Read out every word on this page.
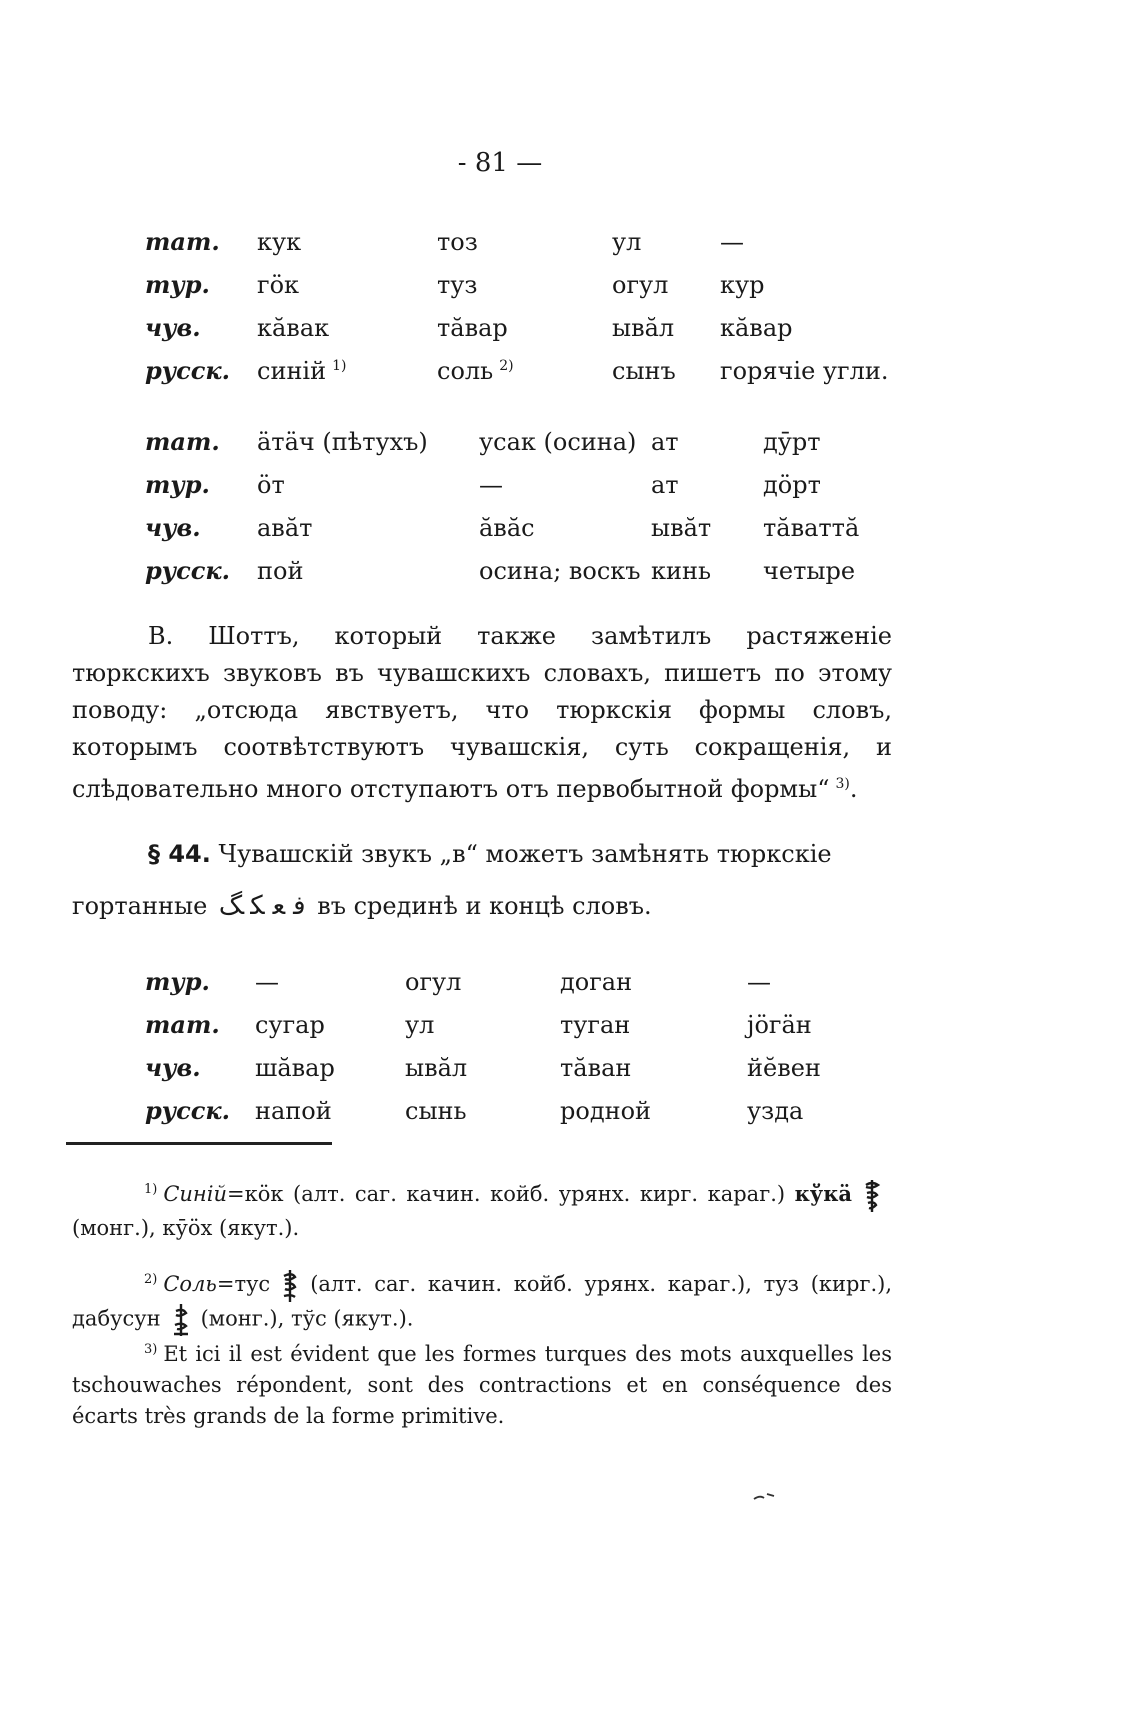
- 81 —
тат.	кук	тоз	ул	—
тур.	гöк	туз	огул	кур
чув.	кăвак	тăвар	ывăл	кăвар
русск.	синій $^{1)}$	соль $^{2)}$	сынъ	горячіе угли.
тат.	äтäч (пѣтухъ)	усак (осина)	ат	дӯрт
тур.	öт	—	ат	дöрт
чув.	авăт	ăвăс	ывăт	тăваттă
русск.	пой	осина; воскъ	кинь	четыре
В. Шоттъ, который также замѣтилъ растяженіе тюркскихъ звуковъ въ чувашскихъ словахъ, пишетъ по этому поводу: „отсюда явствуетъ, что тюркскія формы словъ, которымъ соотвѣтствуютъ чувашскія, суть сокращенія, и слѣдовательно много отступаютъ отъ первобытной формы“ $^{3)}$.
§ 44. Чувашскій звукъ „в“ можетъ замѣнять тюркскіе гортанные	فعكگ	въ срединѣ и концѣ словъ.
тур.	—	огул	доган	—
тат.	сугар	ул	туган	jöгäн
чув.	шăвар	ывăл	тăван	йĕвен
русск.	напой	сынь	родной	узда
$^{1)}$ Синій=кöк (алт. саг. качин. койб. урянх. кирг. караг.) кўкä
(монг.), кӯöх (якут.).
$^{2)}$ Соль=тус (алт. саг. качин. койб. урянх. караг.), туз (кирг.), дабусун (монг.), тўс (якут.).
$^{3)}$ Et ici il est évident que les formes turques des mots auxquelles les tschouwaches répondent, sont des contractions et en conséquence des écarts très grands de la forme primitive.
